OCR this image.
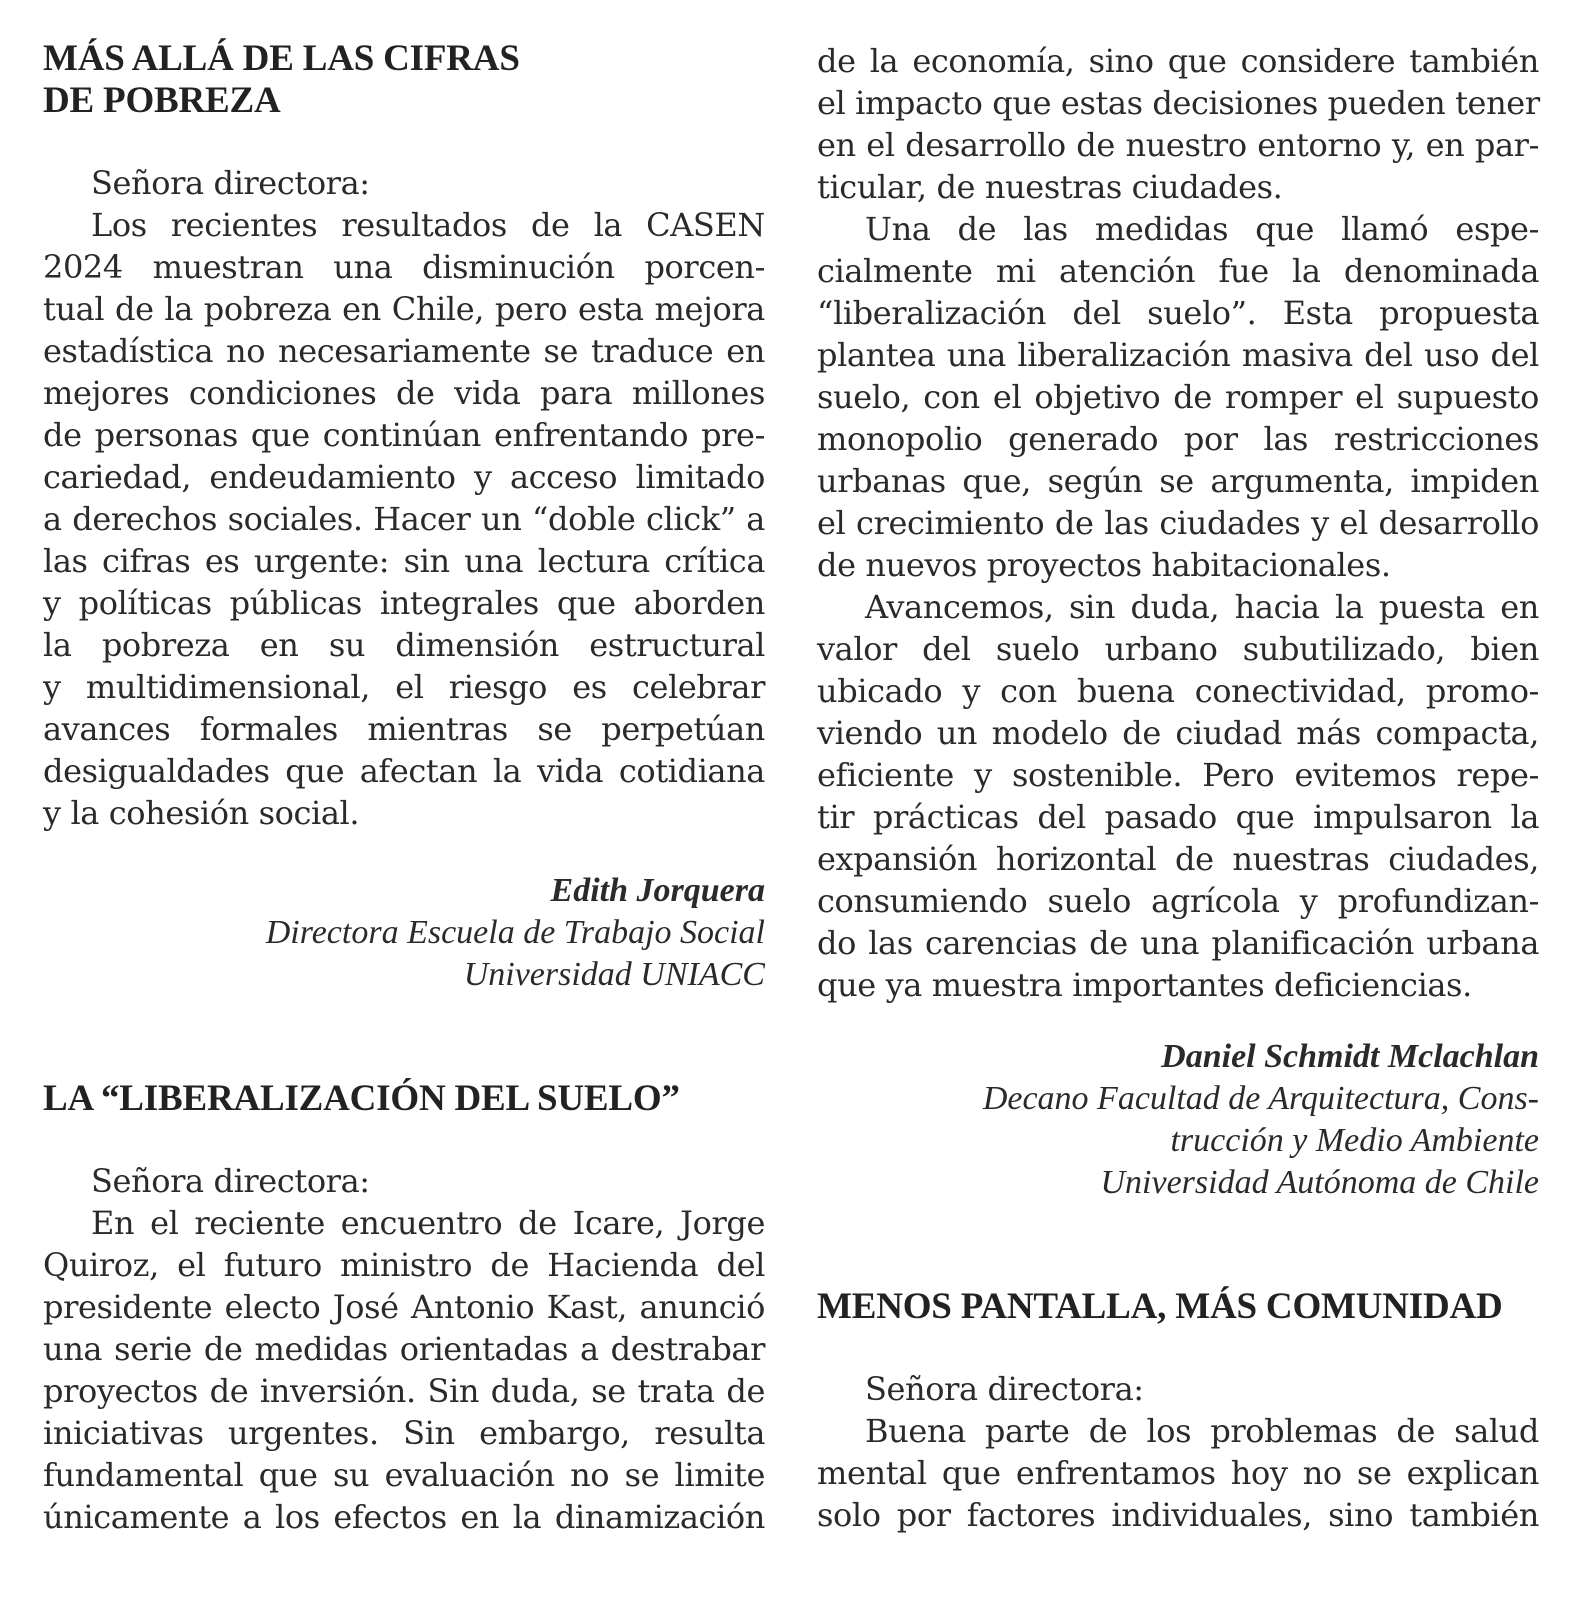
MÁS ALLÁ DE LAS CIFRAS
DE POBREZA
Señora directora:
Los recientes resultados de la CASEN
2024 muestran una disminución porcen-
tual de la pobreza en Chile, pero esta mejora
estadística no necesariamente se traduce en
mejores condiciones de vida para millones
de personas que continúan enfrentando pre-
cariedad, endeudamiento y acceso limitado
a derechos sociales. Hacer un “doble click” a
las cifras es urgente: sin una lectura crítica
y políticas públicas integrales que aborden
la pobreza en su dimensión estructural
y multidimensional, el riesgo es celebrar
avances formales mientras se perpetúan
desigualdades que afectan la vida cotidiana
y la cohesión social.
Edith Jorquera
Directora Escuela de Trabajo Social
Universidad UNIACC
LA “LIBERALIZACIÓN DEL SUELO”
Señora directora:
En el reciente encuentro de Icare, Jorge
Quiroz, el futuro ministro de Hacienda del
presidente electo José Antonio Kast, anunció
una serie de medidas orientadas a destrabar
proyectos de inversión. Sin duda, se trata de
iniciativas urgentes. Sin embargo, resulta
fundamental que su evaluación no se limite
únicamente a los efectos en la dinamización
de la economía, sino que considere también
el impacto que estas decisiones pueden tener
en el desarrollo de nuestro entorno y, en par-
ticular, de nuestras ciudades.
Una de las medidas que llamó espe-
cialmente mi atención fue la denominada
“liberalización del suelo”. Esta propuesta
plantea una liberalización masiva del uso del
suelo, con el objetivo de romper el supuesto
monopolio generado por las restricciones
urbanas que, según se argumenta, impiden
el crecimiento de las ciudades y el desarrollo
de nuevos proyectos habitacionales.
Avancemos, sin duda, hacia la puesta en
valor del suelo urbano subutilizado, bien
ubicado y con buena conectividad, promo-
viendo un modelo de ciudad más compacta,
eficiente y sostenible. Pero evitemos repe-
tir prácticas del pasado que impulsaron la
expansión horizontal de nuestras ciudades,
consumiendo suelo agrícola y profundizan-
do las carencias de una planificación urbana
que ya muestra importantes deficiencias.
Daniel Schmidt Mclachlan
Decano Facultad de Arquitectura, Cons-
trucción y Medio Ambiente
Universidad Autónoma de Chile
MENOS PANTALLA, MÁS COMUNIDAD
Señora directora:
Buena parte de los problemas de salud
mental que enfrentamos hoy no se explican
solo por factores individuales, sino también
